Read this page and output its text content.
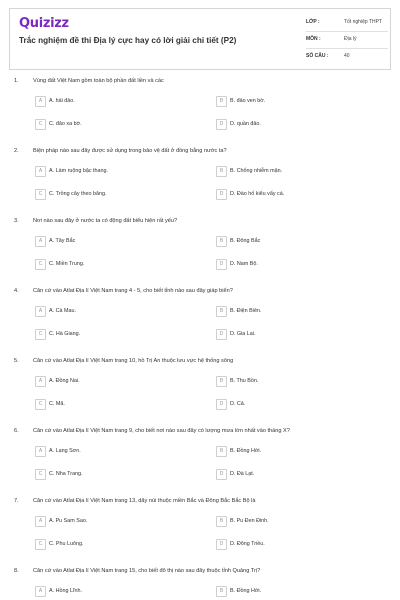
Quizizz
Trắc nghiệm đề thi Địa lý cực hay có lời giải chi tiết (P2)
LỚP :	Tốt nghiệp THPT
MÔN :	Địa lý
SỐ CÂU :	40
1.	Vùng đất Việt Nam gồm toàn bộ phần đất liền và các
A	A. hải đảo.	B	B. đảo ven bờ.
C	C. đảo xa bờ.	D	D. quần đảo.
2.	Biện pháp nào sau đây được sử dụng trong bảo vệ đất ở đồng bằng nước ta?
A	A. Làm ruộng bậc thang.	B	B. Chống nhiễm mặn.
C	C. Trồng cây theo băng.	D	D. Đào hố kiểu vẩy cá.
3.	Nơi nào sau đây ở nước ta có động đất biểu hiện rất yếu?
A	A. Tây Bắc	B	B. Đông Bắc
C	C. Miền Trung.	D	D. Nam Bộ.
4.	Căn cứ vào Atlat Địa lí Việt Nam trang 4 - 5, cho biết tỉnh nào sau đây giáp biển?
A	A. Cà Mau.	B	B. Điện Biên.
C	C. Hà Giang.	D	D. Gia Lai.
5.	Căn cứ vào Atlat Địa lí Việt Nam trang 10, hồ Trị An thuộc lưu vực hệ thống sông
A	A. Đồng Nai.	B	B. Thu Bồn.
C	C. Mã.	D	D. Cả.
6.	Căn cứ vào Atlat Địa lí Việt Nam trang 9, cho biết nơi nào sau đây có lượng mưa lớn nhất vào tháng X?
A	A. Lạng Sơn.	B	B. Đồng Hới.
C	C. Nha Trang.	D	D. Đà Lạt.
7.	Căn cứ vào Atlat Địa lí Việt Nam trang 13, dãy núi thuộc miền Bắc và Đông Bắc Bắc Bộ là
A	A. Pu Sam Sao.	B	B. Pu Đen Đinh.
C	C. Phu Luông.	D	D. Đông Triều.
8.	Căn cứ vào Atlat Địa lí Việt Nam trang 15, cho biết đô thị nào sau đây thuộc tỉnh Quảng Trị?
A	A. Hồng Lĩnh.	B	B. Đồng Hới.
